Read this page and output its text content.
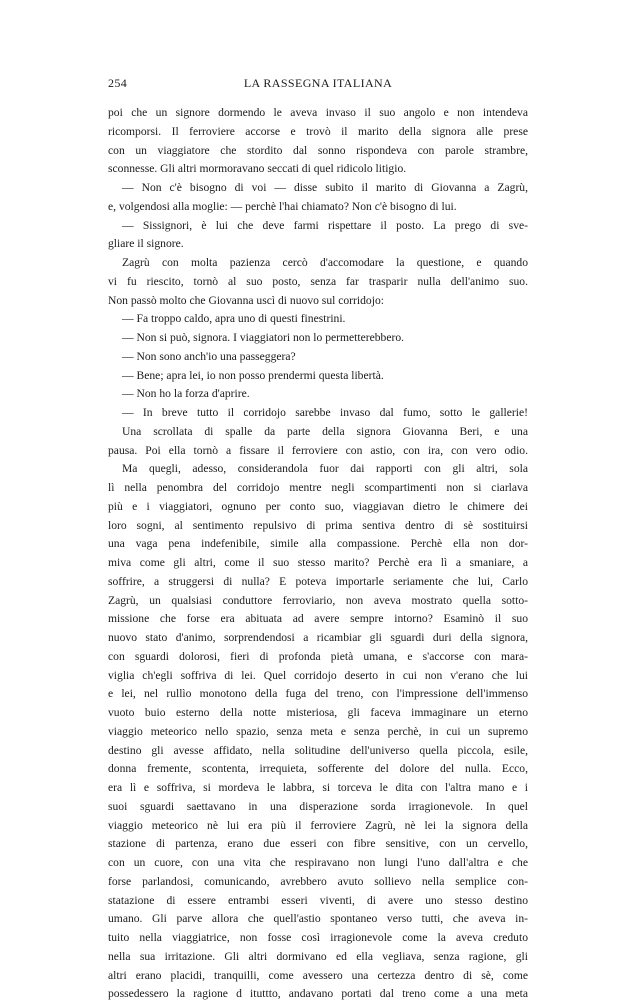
254	LA RASSEGNA ITALIANA
poi che un signore dormendo le aveva invaso il suo angolo e non intendeva
ricomporsi. Il ferroviere accorse e trovò il marito della signora alle prese
con un viaggiatore che stordito dal sonno rispondeva con parole strambre,
sconnesse. Gli altri mormoravano seccati di quel ridicolo litigio.
— Non c'è bisogno di voi — disse subito il marito di Giovanna a Zagrù,
e, volgendosi alla moglie: — perchè l'hai chiamato? Non c'è bisogno di lui.
— Sissignori, è lui che deve farmi rispettare il posto. La prego di sve-
gliare il signore.
Zagrù con molta pazienza cercò d'accomodare la questione, e quando
vi fu riescito, tornò al suo posto, senza far trasparir nulla dell'animo suo.
Non passò molto che Giovanna uscì di nuovo sul corridojo:
— Fa troppo caldo, apra uno di questi finestrini.
— Non si può, signora. I viaggiatori non lo permetterebbero.
— Non sono anch'io una passeggera?
— Bene; apra lei, io non posso prendermi questa libertà.
— Non ho la forza d'aprire.
— In breve tutto il corridojo sarebbe invaso dal fumo, sotto le gallerie!
Una scrollata di spalle da parte della signora Giovanna Beri, e una
pausa. Poi ella tornò a fissare il ferroviere con astio, con ira, con vero odio.
Ma quegli, adesso, considerandola fuor dai rapporti con gli altri, sola
lì nella penombra del corridojo mentre negli scompartimenti non si ciarlava
più e i viaggiatori, ognuno per conto suo, viaggiavan dietro le chimere dei
loro sogni, al sentimento repulsivo di prima sentiva dentro di sè sostituirsi
una vaga pena indefenibile, simile alla compassione. Perchè ella non dor-
miva come gli altri, come il suo stesso marito? Perchè era lì a smaniare, a
soffrire, a struggersi di nulla? E poteva importarle seriamente che lui, Carlo
Zagrù, un qualsiasi conduttore ferroviario, non aveva mostrato quella sotto-
missione che forse era abituata ad avere sempre intorno? Esaminò il suo
nuovo stato d'animo, sorprendendosi a ricambiar gli sguardi duri della signora,
con sguardi dolorosi, fieri di profonda pietà umana, e s'accorse con mara-
viglia ch'egli soffriva di lei. Quel corridojo deserto in cui non v'erano che lui
e lei, nel rullìo monotono della fuga del treno, con l'impressione dell'immenso
vuoto buio esterno della notte misteriosa, gli faceva immaginare un eterno
viaggio meteorico nello spazio, senza meta e senza perchè, in cui un supremo
destino gli avesse affidato, nella solitudine dell'universo quella piccola, esile,
donna fremente, scontenta, irrequieta, sofferente del dolore del nulla. Ecco,
era lì e soffriva, si mordeva le labbra, si torceva le dita con l'altra mano e i
suoi sguardi saettavano in una disperazione sorda irragionevole. In quel
viaggio meteorico nè lui era più il ferroviere Zagrù, nè lei la signora della
stazione di partenza, erano due esseri con fibre sensitive, con un cervello,
con un cuore, con una vita che respiravano non lungi l'uno dall'altra e che
forse parlandosi, comunicando, avrebbero avuto sollievo nella semplice con-
statazione di essere entrambi esseri viventi, di avere uno stesso destino
umano. Gli parve allora che quell'astio spontaneo verso tutti, che aveva in-
tuito nella viaggiatrice, non fosse così irragionevole come la aveva creduto
nella sua irritazione. Gli altri dormivano ed ella vegliava, senza ragione, gli
altri erano placidi, tranquilli, come avessero una certezza dentro di sè, come
possedessero la ragione d ituttto, andavano portati dal treno come a una meta
